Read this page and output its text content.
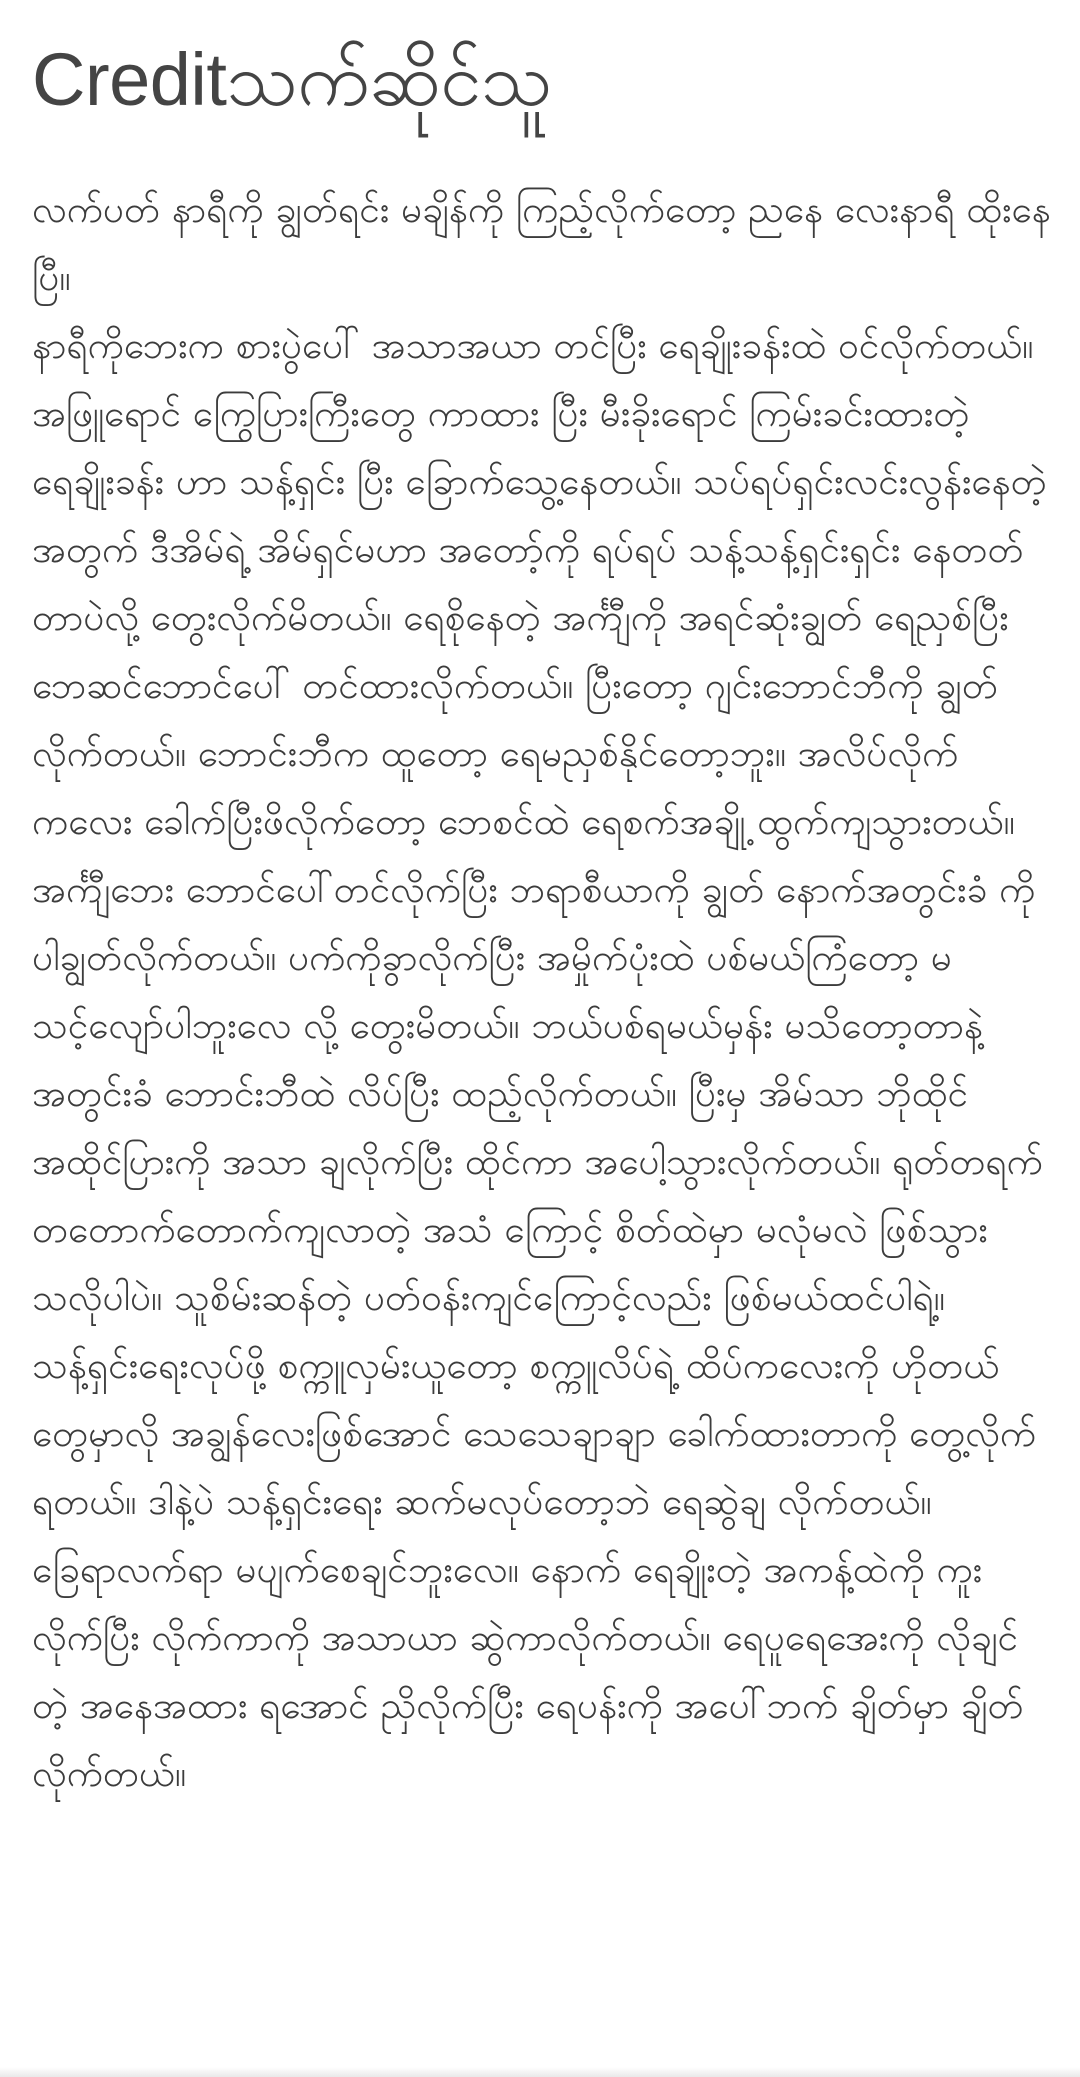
Creditသက်ဆိုင်သူ

လက်ပတ် နာရီကို ချွတ်ရင်း မချိန်ကို ကြည့်လိုက်တော့ ညနေ လေးနာရီ ထိုးနေပြီ။

နာရီကိုဘေးက စားပွဲပေါ် အသာအယာ တင်ပြီး ရေချိုးခန်းထဲ ဝင်လိုက်တယ်။ အဖြူရောင် ကြွေပြားကြီးတွေ ကာထား ပြီး မီးခိုးရောင် ကြမ်းခင်းထားတဲ့ ရေချိုးခန်း ဟာ သန့်ရှင်း ပြီး ခြောက်သွေ့နေတယ်။ သပ်ရပ်ရှင်းလင်းလွန်းနေတဲ့ အတွက် ဒီအိမ်ရဲ့ အိမ်ရှင်မဟာ အတော့်ကို ရပ်ရပ် သန့်သန့်ရှင်းရှင်း နေတတ်တာပဲလို့ တွေးလိုက်မိတယ်။ ရေစိုနေတဲ့ အင်္ကျီကို အရင်ဆုံးချွတ် ရေညှစ်ပြီး ဘေဆင်ဘောင်ပေါ် တင်ထားလိုက်တယ်။ ပြီးတော့ ဂျင်းဘောင်ဘီကို ချွတ်လိုက်တယ်။ ဘောင်းဘီက ထူတော့ ရေမညှစ်နိုင်တော့ဘူး။ အလိပ်လိုက်ကလေး ခေါက်ပြီးဖိလိုက်တော့ ဘေစင်ထဲ ရေစက်အချို့ ထွက်ကျသွားတယ်။ အင်္ကျီဘေး ဘောင်ပေါ်တင်လိုက်ပြီး ဘရာစီယာကို ချွတ် နောက်အတွင်းခံ ကိုပါချွတ်လိုက်တယ်။ ပက်ကိုခွာလိုက်ပြီး အမှိုက်ပုံးထဲ ပစ်မယ်ကြံတော့ မသင့်လျော်ပါဘူးလေ လို့ တွေးမိတယ်။ ဘယ်ပစ်ရမယ်မှန်း မသိတော့တာနဲ့ အတွင်းခံ ဘောင်းဘီထဲ လိပ်ပြီး ထည့်လိုက်တယ်။ ပြီးမှ အိမ်သာ ဘိုထိုင် အထိုင်ပြားကို အသာ ချလိုက်ပြီး ထိုင်ကာ အပေါ့သွားလိုက်တယ်။ ရုတ်တရက် တတောက်တောက်ကျလာတဲ့ အသံ ကြောင့် စိတ်ထဲမှာ မလုံမလဲ ဖြစ်သွားသလိုပါပဲ။ သူစိမ်းဆန်တဲ့ ပတ်ဝန်းကျင်ကြောင့်လည်း ဖြစ်မယ်ထင်ပါရဲ့။ သန့်ရှင်းရေးလုပ်ဖို့ စက္ကူလှမ်းယူတော့ စက္ကူလိပ်ရဲ့ ထိပ်ကလေးကို ဟိုတယ်တွေမှာလို အချွန်လေးဖြစ်အောင် သေသေချာချာ ခေါက်ထားတာကို တွေ့လိုက်ရတယ်။ ဒါနဲ့ပဲ သန့်ရှင်းရေး ဆက်မလုပ်တော့ဘဲ ရေဆွဲချ လိုက်တယ်။ ခြေရာလက်ရာ မပျက်စေချင်ဘူးလေ။ နောက် ရေချိုးတဲ့ အကန့်ထဲကို ကူးလိုက်ပြီး လိုက်ကာကို အသာယာ ဆွဲကာလိုက်တယ်။ ရေပူရေအေးကို လိုချင်တဲ့ အနေအထား ရအောင် ညှိလိုက်ပြီး ရေပန်းကို အပေါ်ဘက် ချိတ်မှာ ချိတ်လိုက်တယ်။
